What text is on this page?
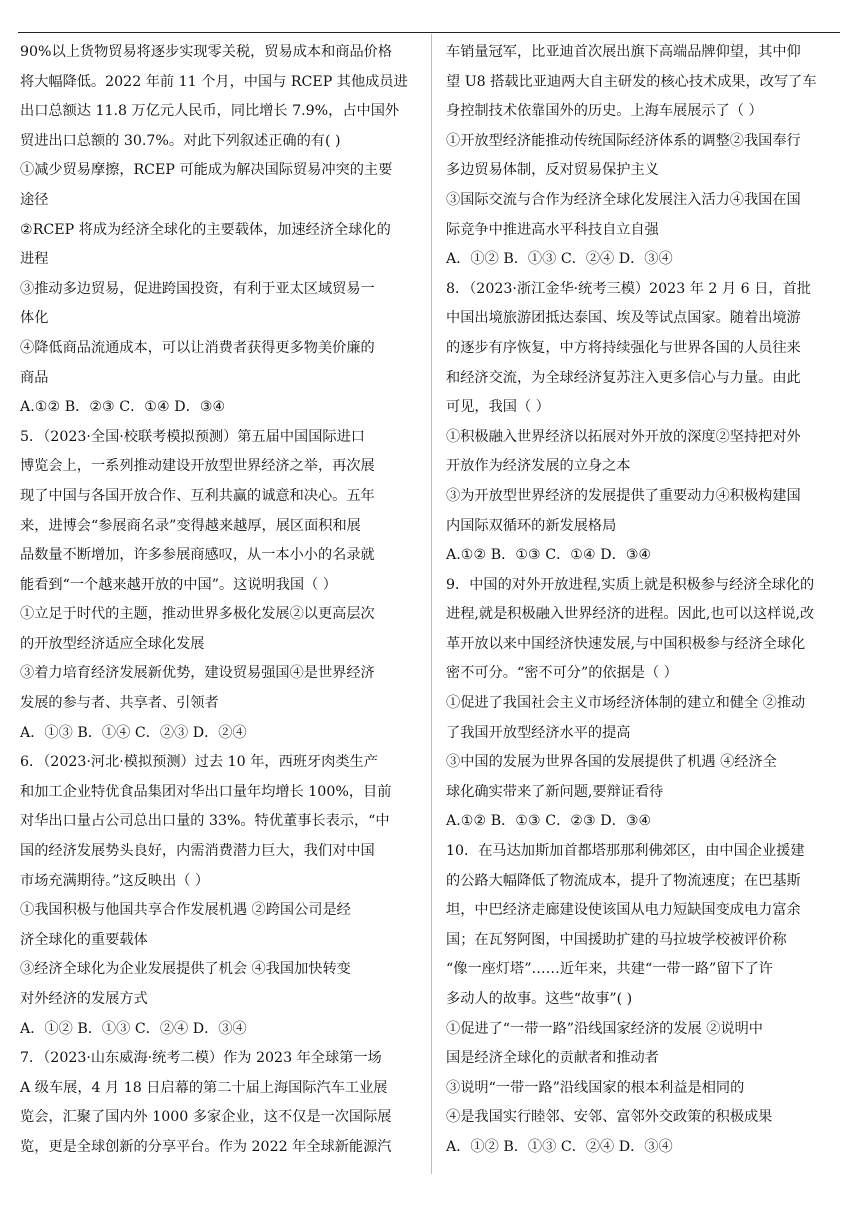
90%以上货物贸易将逐步实现零关税，贸易成本和商品价格
将大幅降低。2022 年前 11 个月，中国与 RCEP 其他成员进
出口总额达 11.8 万亿元人民币，同比增长 7.9%，占中国外
贸进出口总额的 30.7%。对此下列叙述正确的有( )
①减少贸易摩擦，RCEP 可能成为解决国际贸易冲突的主要
途径
②RCEP 将成为经济全球化的主要载体，加速经济全球化的
进程
③推动多边贸易，促进跨国投资，有利于亚太区域贸易一
体化
④降低商品流通成本，可以让消费者获得更多物美价廉的
商品
A.①② B．②③ C．①④ D．③④
5．（2023·全国·校联考模拟预测）第五届中国国际进口
博览会上，一系列推动建设开放型世界经济之举，再次展
现了中国与各国开放合作、互利共赢的诚意和决心。五年
来，进博会“参展商名录”变得越来越厚，展区面积和展
品数量不断增加，许多参展商感叹，从一本小小的名录就
能看到“一个越来越开放的中国”。这说明我国（ ）
①立足于时代的主题，推动世界多极化发展②以更高层次
的开放型经济适应全球化发展
③着力培育经济发展新优势，建设贸易强国④是世界经济
发展的参与者、共享者、引领者
A．①③ B．①④ C．②③ D．②④
6．（2023·河北·模拟预测）过去 10 年，西班牙肉类生产
和加工企业特优食品集团对华出口量年均增长 100%，目前
对华出口量占公司总出口量的 33%。特优董事长表示，“中
国的经济发展势头良好，内需消费潜力巨大，我们对中国
市场充满期待。”这反映出（ ）
①我国积极与他国共享合作发展机遇 ②跨国公司是经
济全球化的重要载体
③经济全球化为企业发展提供了机会 ④我国加快转变
对外经济的发展方式
A．①② B．①③ C．②④ D．③④
7．（2023·山东威海·统考二模）作为 2023 年全球第一场
A 级车展，4 月 18 日启幕的第二十届上海国际汽车工业展
览会，汇聚了国内外 1000 多家企业，这不仅是一次国际展
览，更是全球创新的分享平台。作为 2022 年全球新能源汽
车销量冠军，比亚迪首次展出旗下高端品牌仰望，其中仰
望 U8 搭载比亚迪两大自主研发的核心技术成果，改写了车
身控制技术依靠国外的历史。上海车展展示了（ ）
①开放型经济能推动传统国际经济体系的调整②我国奉行
多边贸易体制，反对贸易保护主义
③国际交流与合作为经济全球化发展注入活力④我国在国
际竞争中推进高水平科技自立自强
A．①② B．①③ C．②④ D．③④
8．（2023·浙江金华·统考三模）2023 年 2 月 6 日，首批
中国出境旅游团抵达泰国、埃及等试点国家。随着出境游
的逐步有序恢复，中方将持续强化与世界各国的人员往来
和经济交流，为全球经济复苏注入更多信心与力量。由此
可见，我国（ ）
①积极融入世界经济以拓展对外开放的深度②坚持把对外
开放作为经济发展的立身之本
③为开放型世界经济的发展提供了重要动力④积极构建国
内国际双循环的新发展格局
A.①② B．①③ C．①④ D．③④
9．中国的对外开放进程,实质上就是积极参与经济全球化的
进程,就是积极融入世界经济的进程。因此,也可以这样说,改
革开放以来中国经济快速发展,与中国积极参与经济全球化
密不可分。“密不可分”的依据是（ ）
①促进了我国社会主义市场经济体制的建立和健全 ②推动
了我国开放型经济水平的提高
③中国的发展为世界各国的发展提供了机遇 ④经济全
球化确实带来了新问题,要辩证看待
A.①② B．①③ C．②③ D．③④
10．在马达加斯加首都塔那那利佛郊区，由中国企业援建
的公路大幅降低了物流成本，提升了物流速度；在巴基斯
坦，中巴经济走廊建设使该国从电力短缺国变成电力富余
国；在瓦努阿图，中国援助扩建的马拉坡学校被评价称
“像一座灯塔”……近年来，共建“一带一路”留下了许
多动人的故事。这些“故事”( )
①促进了“一带一路”沿线国家经济的发展 ②说明中
国是经济全球化的贡献者和推动者
③说明“一带一路”沿线国家的根本利益是相同的
④是我国实行睦邻、安邻、富邻外交政策的积极成果
A．①② B．①③ C．②④ D．③④
